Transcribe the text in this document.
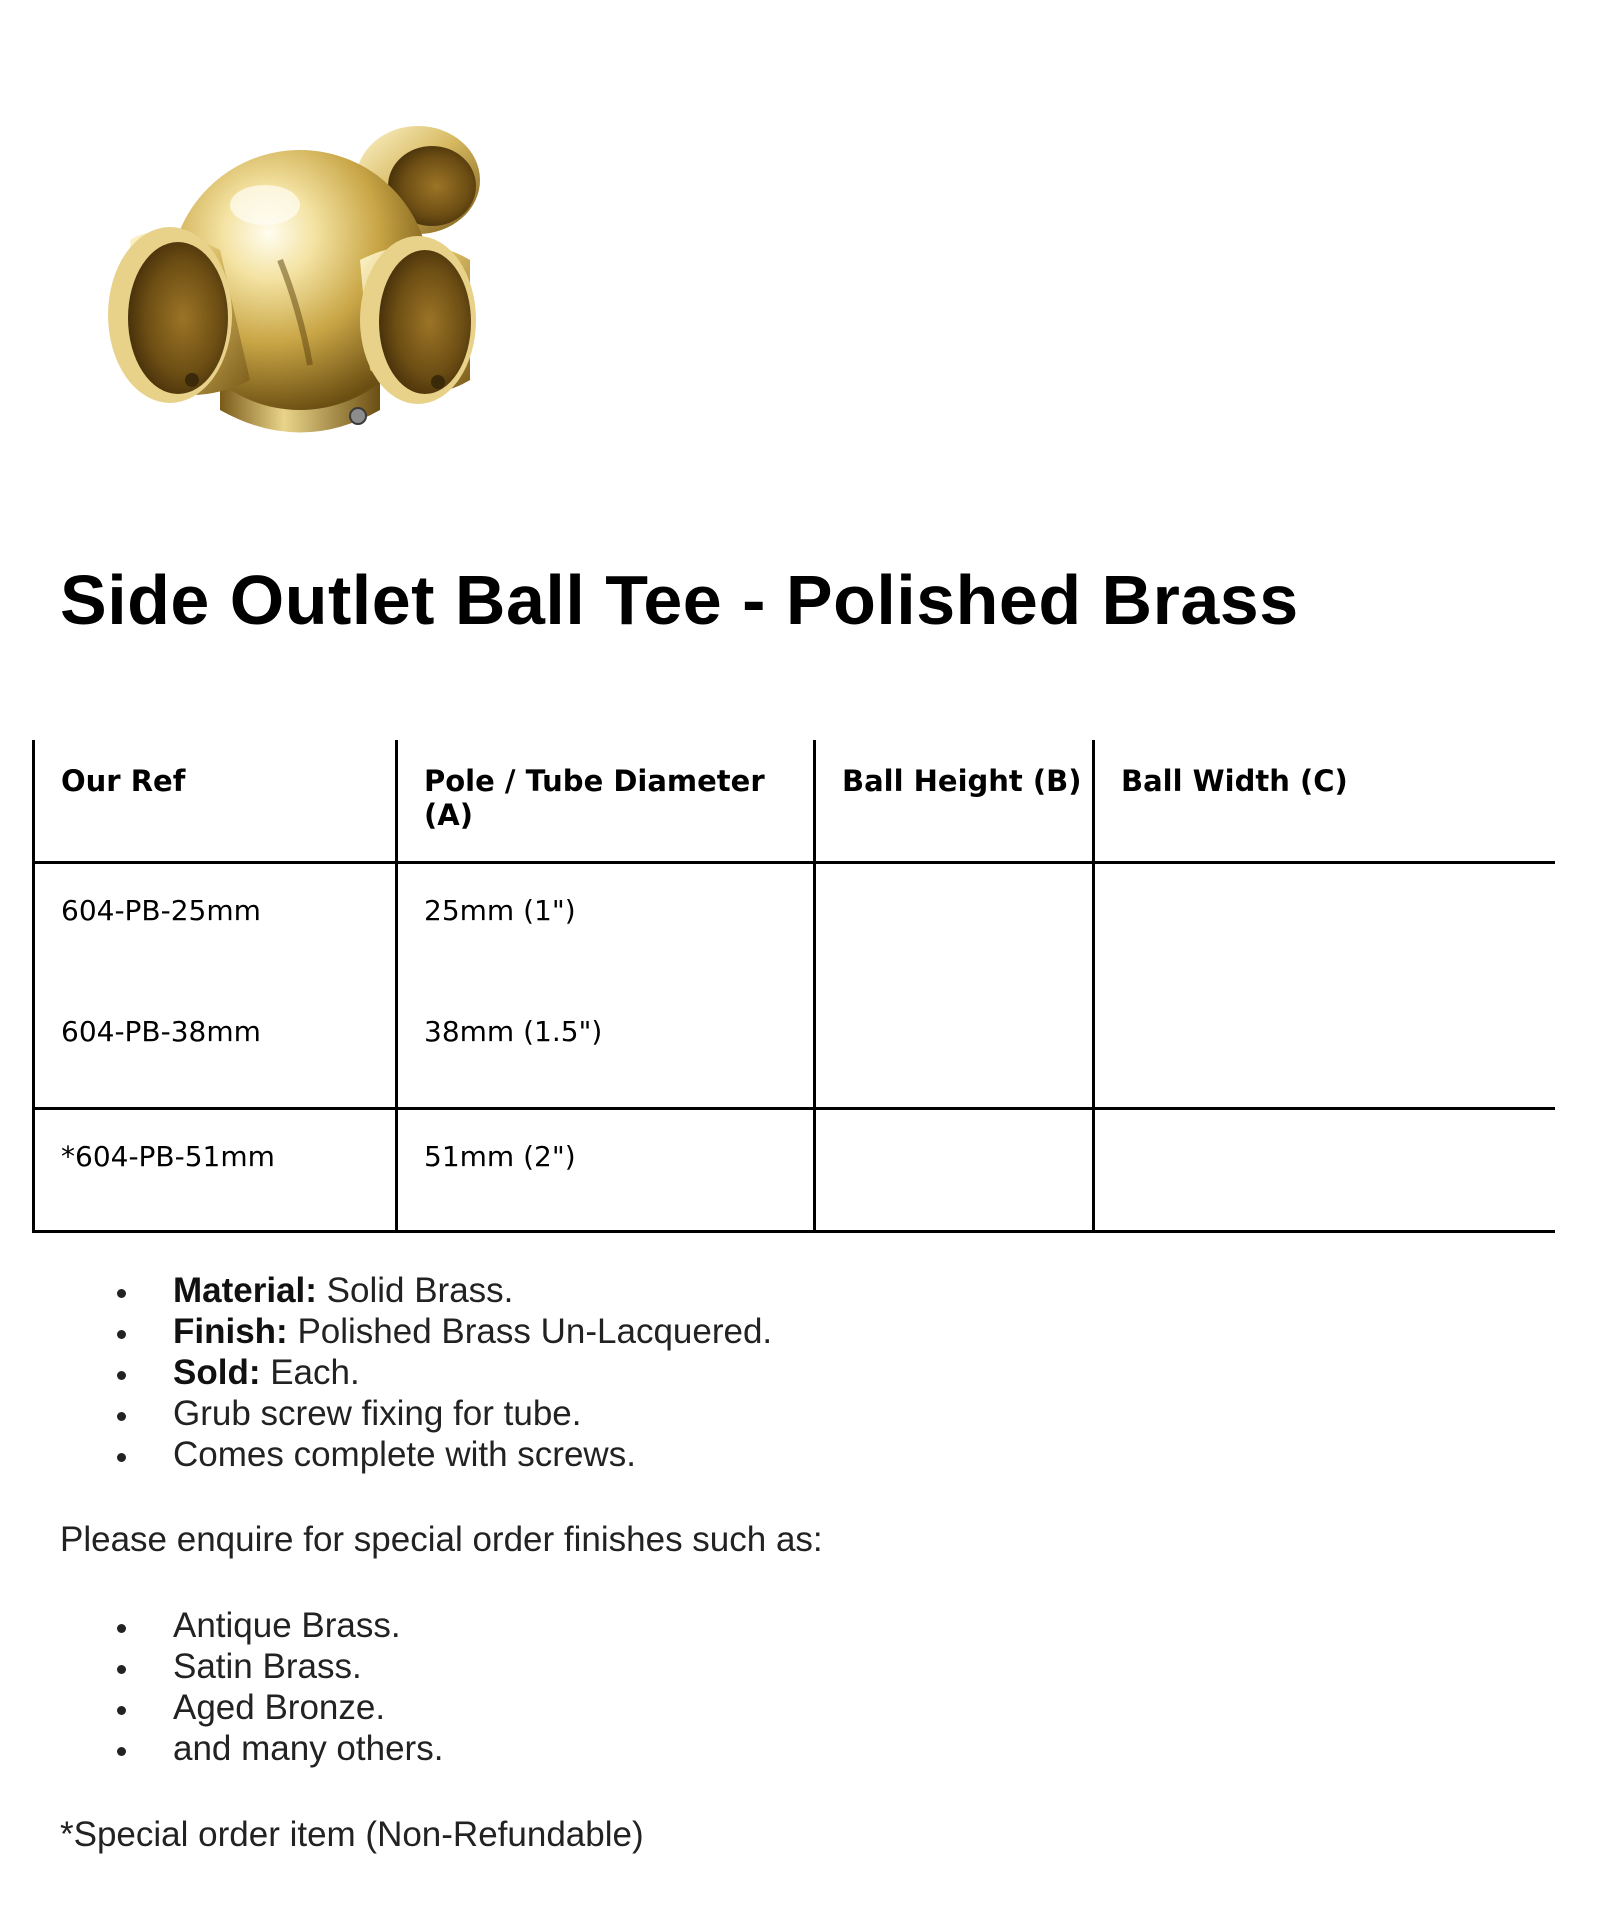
Side Outlet Ball Tee - Polished Brass
Our Ref	Pole / Tube Diameter (A)	Ball Height (B)	Ball Width (C)
604-PB-25mm	25mm (1")		
604-PB-38mm	38mm (1.5")		
*604-PB-51mm	51mm (2")		
Material: Solid Brass.
Finish: Polished Brass Un-Lacquered.
Sold: Each.
Grub screw fixing for tube.
Comes complete with screws.

Please enquire for special order finishes such as:

Antique Brass.
Satin Brass.
Aged Bronze.
and many others.

*Special order item (Non-Refundable)
